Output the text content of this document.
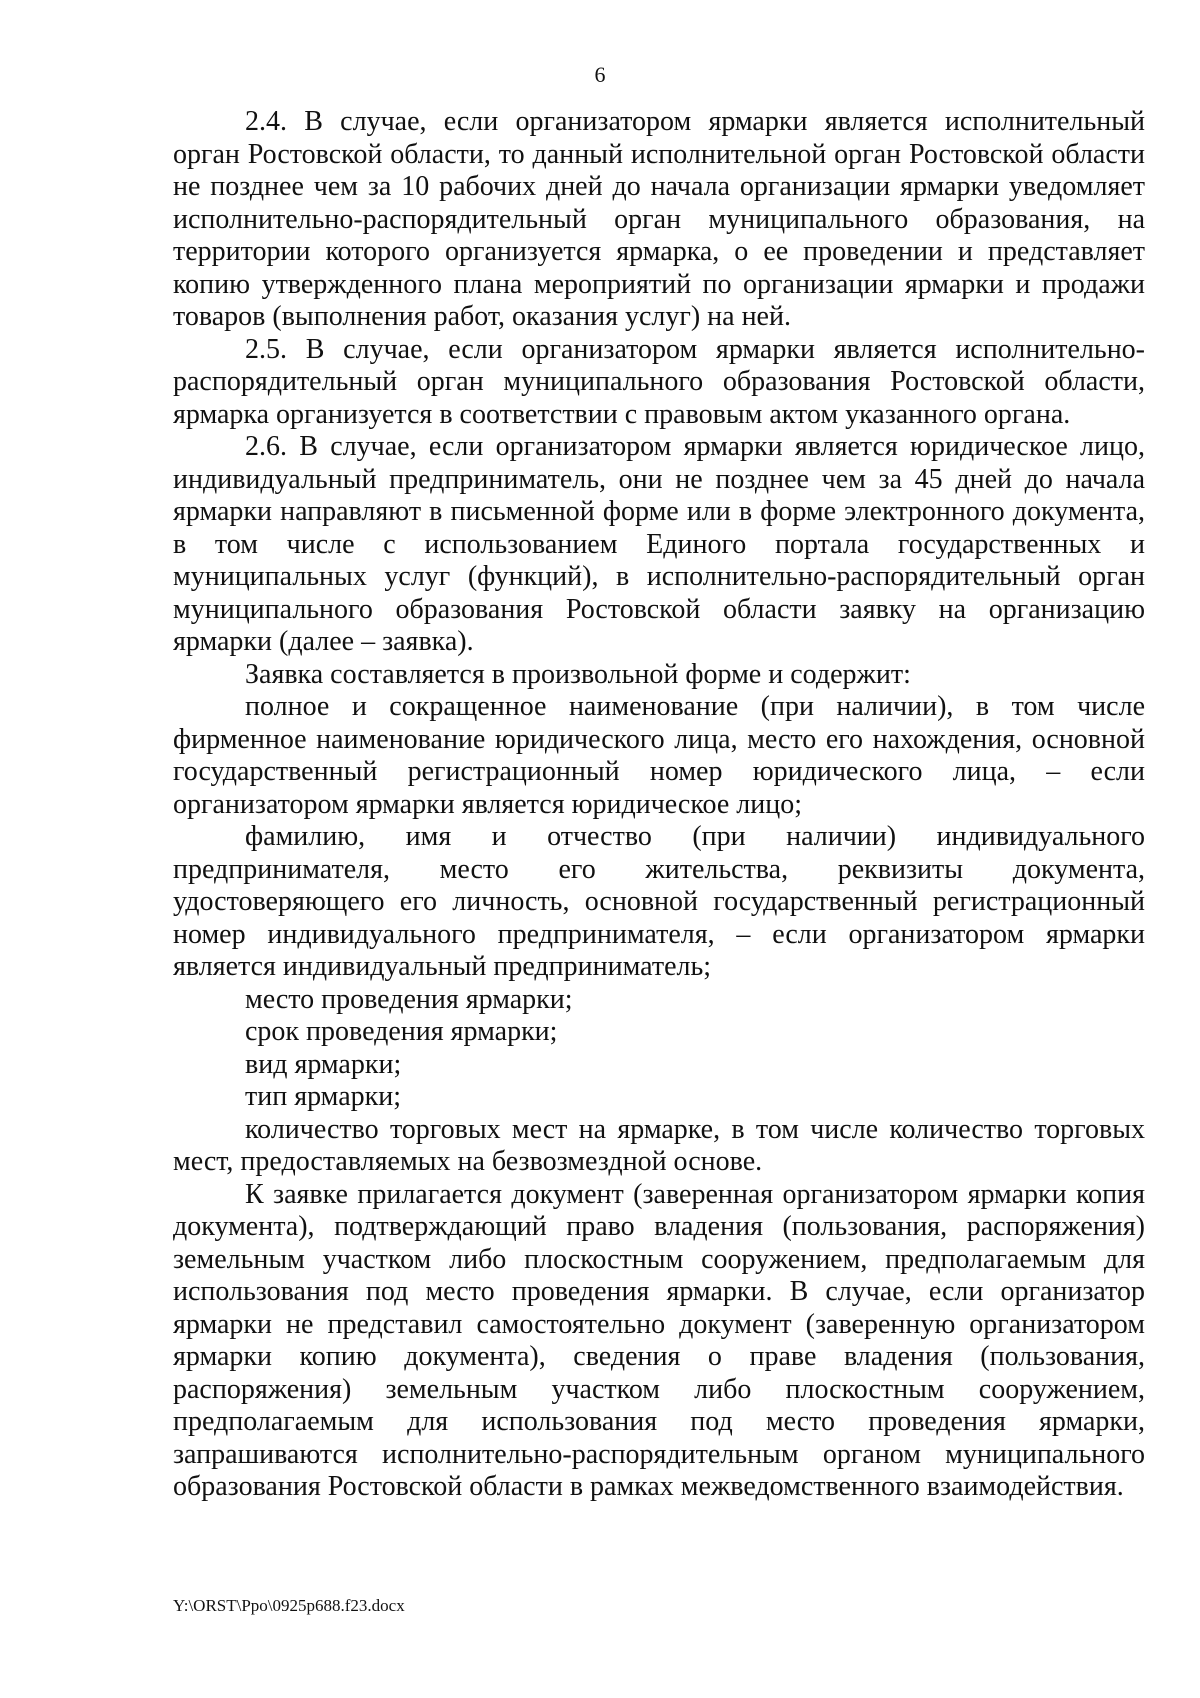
6

2.4. В случае, если организатором ярмарки является исполнительный орган Ростовской области, то данный исполнительной орган Ростовской области не позднее чем за 10 рабочих дней до начала организации ярмарки уведомляет исполнительно-распорядительный орган муниципального образования, на территории которого организуется ярмарка, о ее проведении и представляет копию утвержденного плана мероприятий по организации ярмарки и продажи товаров (выполнения работ, оказания услуг) на ней.

2.5. В случае, если организатором ярмарки является исполнительно-распорядительный орган муниципального образования Ростовской области, ярмарка организуется в соответствии с правовым актом указанного органа.

2.6. В случае, если организатором ярмарки является юридическое лицо, индивидуальный предприниматель, они не позднее чем за 45 дней до начала ярмарки направляют в письменной форме или в форме электронного документа, в том числе с использованием Единого портала государственных и муниципальных услуг (функций), в исполнительно-распорядительный орган муниципального образования Ростовской области заявку на организацию ярмарки (далее – заявка).

Заявка составляется в произвольной форме и содержит:

полное и сокращенное наименование (при наличии), в том числе фирменное наименование юридического лица, место его нахождения, основной государственный регистрационный номер юридического лица, – если организатором ярмарки является юридическое лицо;

фамилию, имя и отчество (при наличии) индивидуального предпринимателя, место его жительства, реквизиты документа, удостоверяющего его личность, основной государственный регистрационный номер индивидуального предпринимателя, – если организатором ярмарки является индивидуальный предприниматель;

место проведения ярмарки;

срок проведения ярмарки;

вид ярмарки;

тип ярмарки;

количество торговых мест на ярмарке, в том числе количество торговых мест, предоставляемых на безвозмездной основе.

К заявке прилагается документ (заверенная организатором ярмарки копия документа), подтверждающий право владения (пользования, распоряжения) земельным участком либо плоскостным сооружением, предполагаемым для использования под место проведения ярмарки. В случае, если организатор ярмарки не представил самостоятельно документ (заверенную организатором ярмарки копию документа), сведения о праве владения (пользования, распоряжения) земельным участком либо плоскостным сооружением, предполагаемым для использования под место проведения ярмарки, запрашиваются исполнительно-распорядительным органом муниципального образования Ростовской области в рамках межведомственного взаимодействия.

Y:\ORST\Ppo\0925p688.f23.docx
